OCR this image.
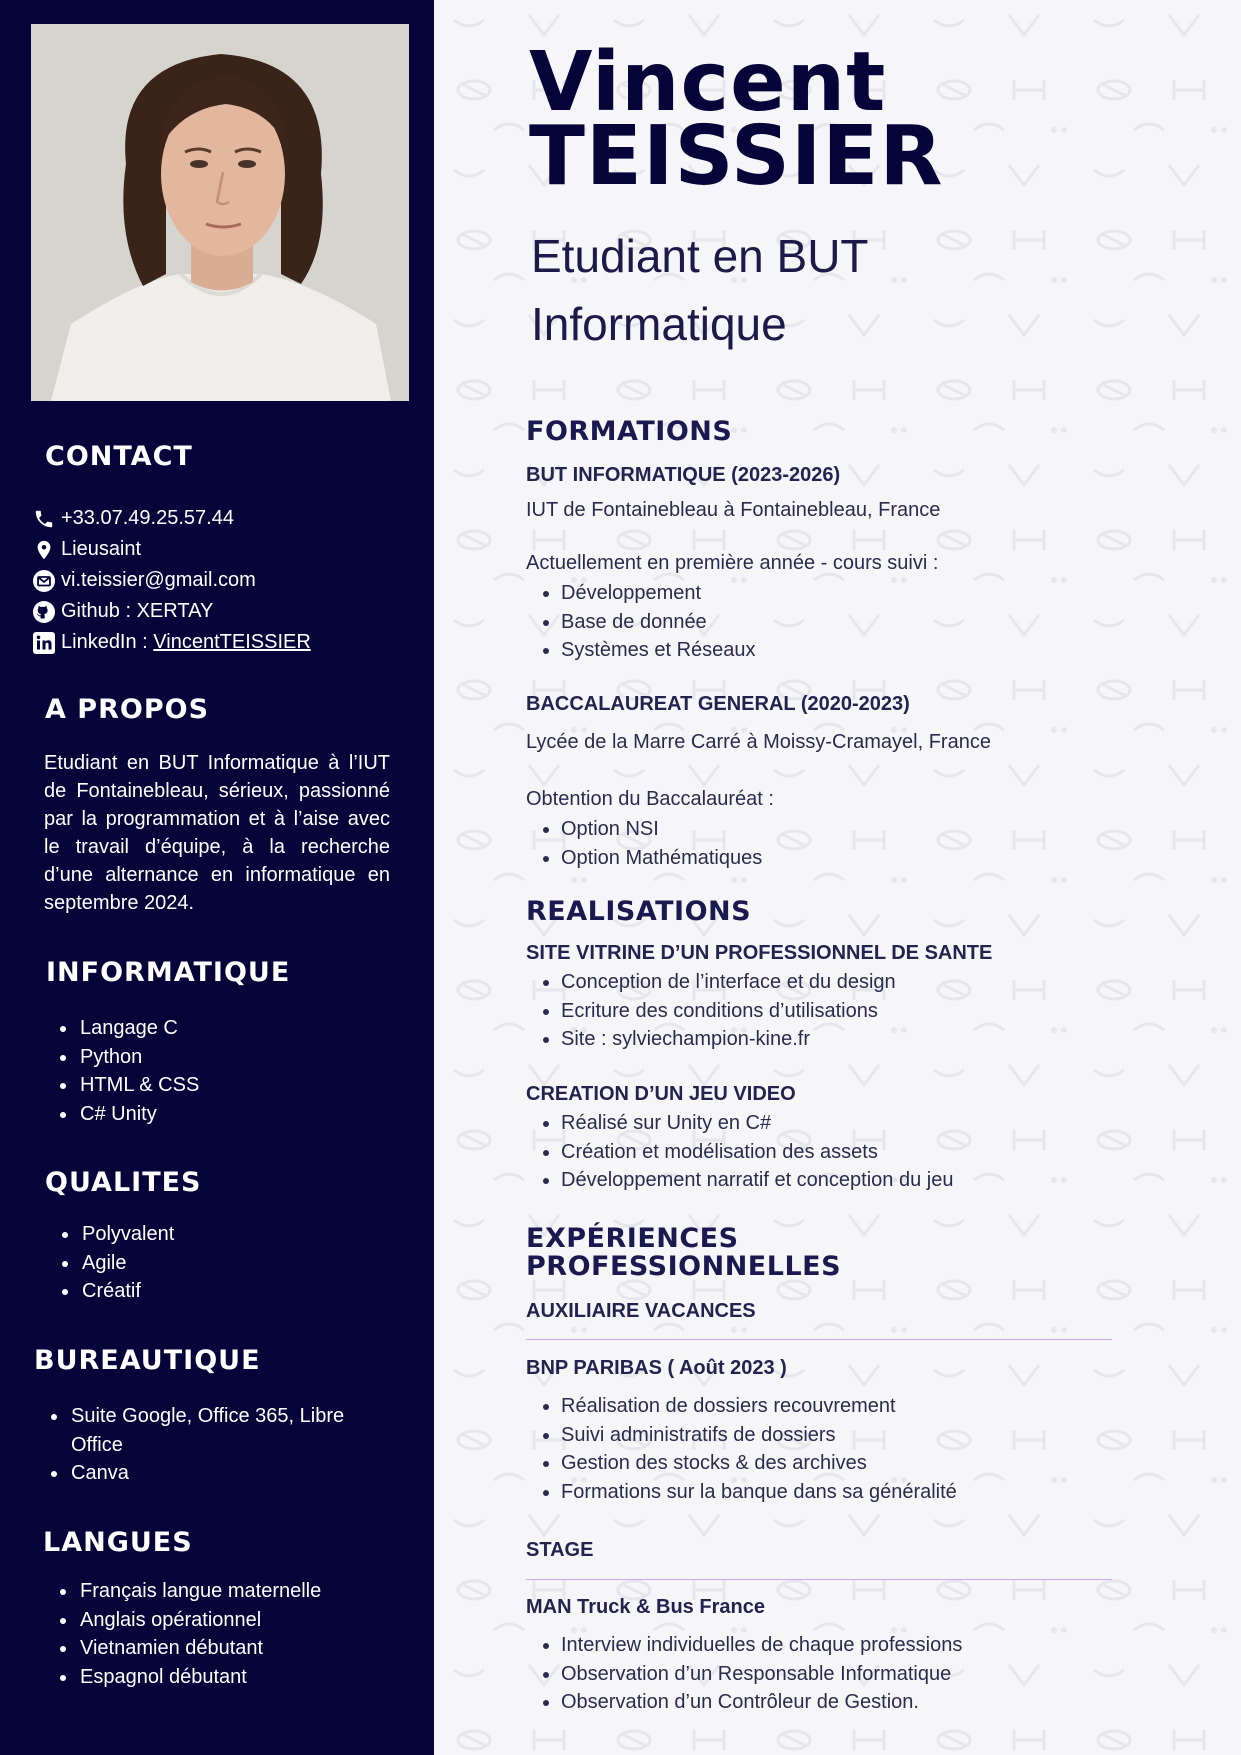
CONTACT
+33.07.49.25.57.44
Lieusaint
vi.teissier@gmail.com
Github : XERTAY
LinkedIn : VincentTEISSIER
A PROPOS

Etudiant en BUT Informatique à l’IUT de Fontainebleau, sérieux, passionné par la programmation et à l’aise avec le travail d’équipe, à la recherche d’une alternance en informatique en septembre 2024.

INFORMATIQUE
• Langage C
• Python
• HTML & CSS
• C# Unity
QUALITES
• Polyvalent
• Agile
• Créatif
BUREAUTIQUE
• Suite Google, Office 365, Libre Office
• Canva
LANGUES
• Français langue maternelle
• Anglais opérationnel
• Vietnamien débutant
• Espagnol débutant
Vincent
TEISSIER
Etudiant en BUT
Informatique
FORMATIONS

BUT INFORMATIQUE (2023-2026)

IUT de Fontainebleau à Fontainebleau, France

Actuellement en première année - cours suivi :

• Développement
• Base de donnée
• Systèmes et Réseaux

BACCALAUREAT GENERAL (2020-2023)

Lycée de la Marre Carré à Moissy-Cramayel, France

Obtention du Baccalauréat :

• Option NSI
• Option Mathématiques
REALISATIONS

SITE VITRINE D’UN PROFESSIONNEL DE SANTE

• Conception de l’interface et du design
• Ecriture des conditions d’utilisations
• Site : sylviechampion-kine.fr

CREATION D’UN JEU VIDEO

• Réalisé sur Unity en C#
• Création et modélisation des assets
• Développement narratif et conception du jeu
EXPÉRIENCES
PROFESSIONNELLES

AUXILIAIRE VACANCES

BNP PARIBAS ( Août 2023 )

• Réalisation de dossiers recouvrement
• Suivi administratifs de dossiers
• Gestion des stocks & des archives
• Formations sur la banque dans sa généralité

STAGE

MAN Truck & Bus France

• Interview individuelles de chaque professions
• Observation d’un Responsable Informatique
• Observation d’un Contrôleur de Gestion.
